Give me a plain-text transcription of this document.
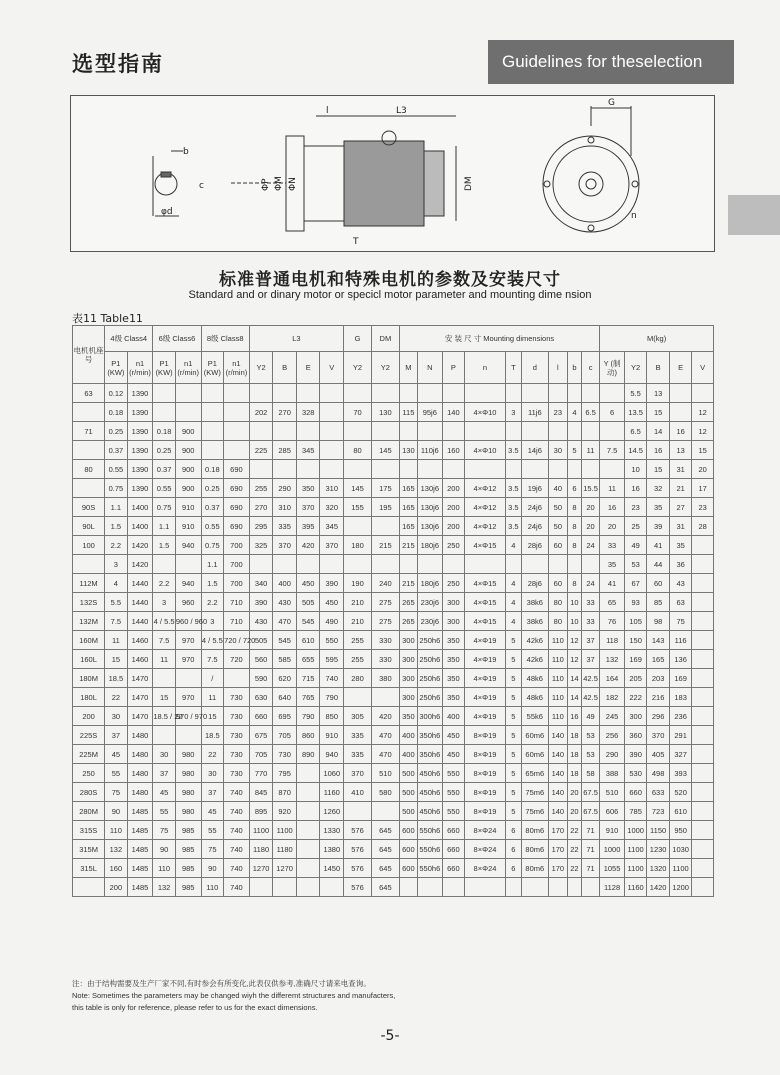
选型指南	Guidelines for theselection
b
c
φd
ΦP ΦM ΦN
l	L3
DM
T
G
n
标准普通电机和特殊电机的参数及安装尺寸
Standard and or dinary motor or specicl motor parameter and mounting dime nsion
表11 Table11
电机机座号	4级 Class4		6级 Class6		8级 Class8		L3				G	DM	安 装 尺 寸 Mounting dimensions									M(kg)				
	P1 (KW)	n1 (r/min)	P1 (KW)	n1 (r/min)	P1 (KW)	n1 (r/min)	Y2	B	E	V	Y2	Y2	M	N	P	n	T	d	l	b	c	Y (制动)	Y2	B	E	V
63	0.12	1390																					5.5	13		
	0.18	1390					202	270	328		70	130	115	95j6	140	4×Φ10	3	11j6	23	4	6.5	6	13.5	15		12
71	0.25	1390	0.18	900																			6.5	14	16	12
	0.37	1390	0.25	900			225	285	345		80	145	130	110j6	160	4×Φ10	3.5	14j6	30	5	11	7.5	14.5	16	13	15
80	0.55	1390	0.37	900	0.18	690																	10	15	31	20
	0.75	1390	0.55	900	0.25	690	255	290	350	310	145	175	165	130j6	200	4×Φ12	3.5	19j6	40	6	15.5	11	16	32	21	17
90S	1.1	1400	0.75	910	0.37	690	270	310	370	320	155	195	165	130j6	200	4×Φ12	3.5	24j6	50	8	20	16	23	35	27	23
90L	1.5	1400	1.1	910	0.55	690	295	335	395	345			165	130j6	200	4×Φ12	3.5	24j6	50	8	20	20	25	39	31	28
100	2.2	1420	1.5	940	0.75	700	325	370	420	370	180	215	215	180j6	250	4×Φ15	4	28j6	60	8	24	33	49	41	35	
	3	1420			1.1	700																35	53	44	36	
112M	4	1440	2.2	940	1.5	700	340	400	450	390	190	240	215	180j6	250	4×Φ15	4	28j6	60	8	24	41	67	60	43	
132S	5.5	1440	3	960	2.2	710	390	430	505	450	210	275	265	230j6	300	4×Φ15	4	38k6	80	10	33	65	93	85	63	
132M	7.5	1440	4 / 5.5	960 / 960	3	710	430	470	545	490	210	275	265	230j6	300	4×Φ15	4	38k6	80	10	33	76	105	98	75	
160M	11	1460	7.5	970	4 / 5.5	720 / 720	505	545	610	550	255	330	300	250h6	350	4×Φ19	5	42k6	110	12	37	118	150	143	116	
160L	15	1460	11	970	7.5	720	560	585	655	595	255	330	300	250h6	350	4×Φ19	5	42k6	110	12	37	132	169	165	136	
180M	18.5	1470			/		590	620	715	740	280	380	300	250h6	350	4×Φ19	5	48k6	110	14	42.5	164	205	203	169	
180L	22	1470	15	970	11	730	630	640	765	790			300	250h6	350	4×Φ19	5	48k6	110	14	42.5	182	222	216	183	
200	30	1470	18.5 / 22	970 / 970	15	730	660	695	790	850	305	420	350	300h6	400	4×Φ19	5	55k6	110	16	49	245	300	296	236	
225S	37	1480			18.5	730	675	705	860	910	335	470	400	350h6	450	8×Φ19	5	60m6	140	18	53	256	360	370	291	
225M	45	1480	30	980	22	730	705	730	890	940	335	470	400	350h6	450	8×Φ19	5	60m6	140	18	53	290	390	405	327	
250	55	1480	37	980	30	730	770	795		1060	370	510	500	450h6	550	8×Φ19	5	65m6	140	18	58	388	530	498	393	
280S	75	1480	45	980	37	740	845	870		1160	410	580	500	450h6	550	8×Φ19	5	75m6	140	20	67.5	510	660	633	520	
280M	90	1485	55	980	45	740	895	920		1260			500	450h6	550	8×Φ19	5	75m6	140	20	67.5	606	785	723	610	
315S	110	1485	75	985	55	740	1100	1100		1330	576	645	600	550h6	660	8×Φ24	6	80m6	170	22	71	910	1000	1150	950	
315M	132	1485	90	985	75	740	1180	1180		1380	576	645	600	550h6	660	8×Φ24	6	80m6	170	22	71	1000	1100	1230	1030	
315L	160	1485	110	985	90	740	1270	1270		1450	576	645	600	550h6	660	8×Φ24	6	80m6	170	22	71	1055	1100	1320	1100	
	200	1485	132	985	110	740					576	645										1128	1160	1420	1200	
注：由于结构需要及生产厂家不同,有时参会有所变化,此表仅供参考,准确尺寸请来电查询。
Note: Sometimes the parameters may be changed wiyh the differemt structures and manufacters,
this table is only for reference, please refer to us for the exact dimensions.
-5-
